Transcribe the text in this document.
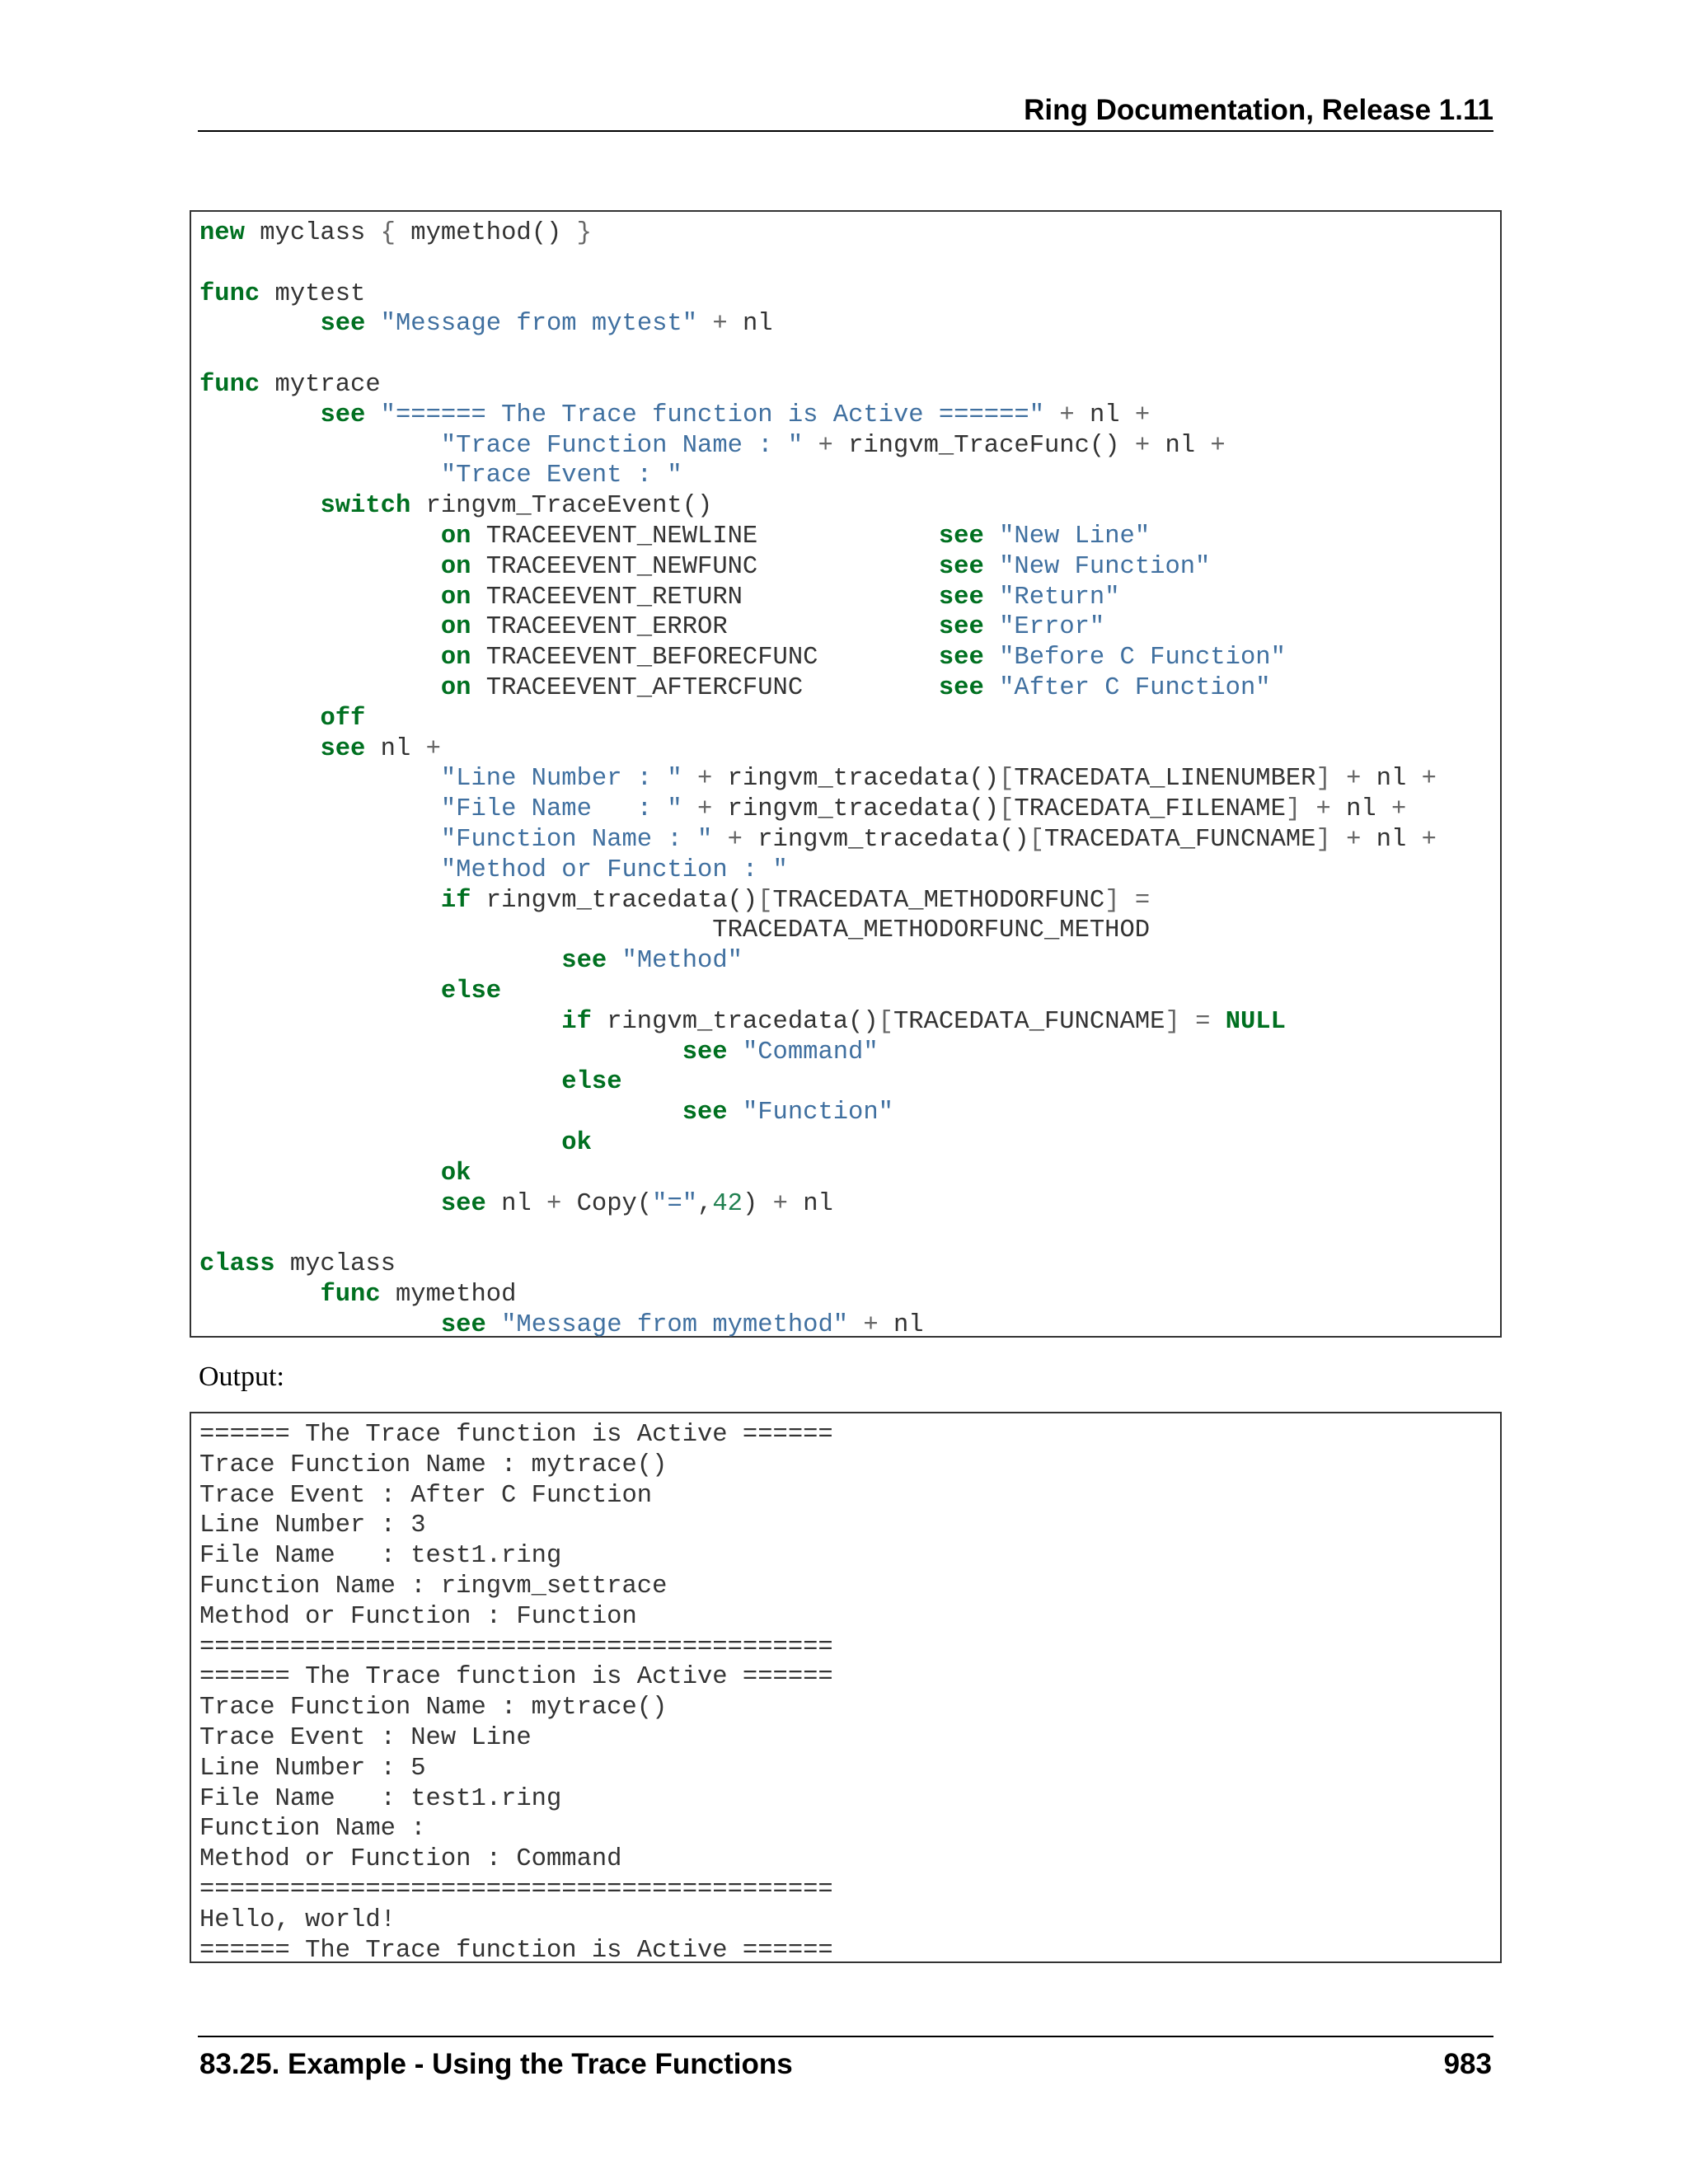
Ring Documentation, Release 1.11
new myclass { mymethod() }

func mytest
see "Message from mytest" + nl

func mytrace
see "====== The Trace function is Active ======" + nl +
"Trace Function Name : " + ringvm_TraceFunc() + nl +
"Trace Event : "
switch ringvm_TraceEvent()
on TRACEEVENT_NEWLINE            see "New Line"
on TRACEEVENT_NEWFUNC            see "New Function"
on TRACEEVENT_RETURN             see "Return"
on TRACEEVENT_ERROR              see "Error"
on TRACEEVENT_BEFORECFUNC        see "Before C Function"
on TRACEEVENT_AFTERCFUNC         see "After C Function"
off
see nl +
"Line Number : " + ringvm_tracedata()[TRACEDATA_LINENUMBER] + nl +
"File Name   : " + ringvm_tracedata()[TRACEDATA_FILENAME] + nl +
"Function Name : " + ringvm_tracedata()[TRACEDATA_FUNCNAME] + nl +
"Method or Function : "
if ringvm_tracedata()[TRACEDATA_METHODORFUNC] =
TRACEDATA_METHODORFUNC_METHOD
see "Method"
else
if ringvm_tracedata()[TRACEDATA_FUNCNAME] = NULL
see "Command"
else
see "Function"
ok
ok
see nl + Copy("=",42) + nl

class myclass
func mymethod
see "Message from mymethod" + nl
Output:
====== The Trace function is Active ======
Trace Function Name : mytrace()
Trace Event : After C Function
Line Number : 3
File Name   : test1.ring
Function Name : ringvm_settrace
Method or Function : Function
==========================================
====== The Trace function is Active ======
Trace Function Name : mytrace()
Trace Event : New Line
Line Number : 5
File Name   : test1.ring
Function Name :
Method or Function : Command
==========================================
Hello, world!
====== The Trace function is Active ======
83.25. Example - Using the Trace Functions	983
